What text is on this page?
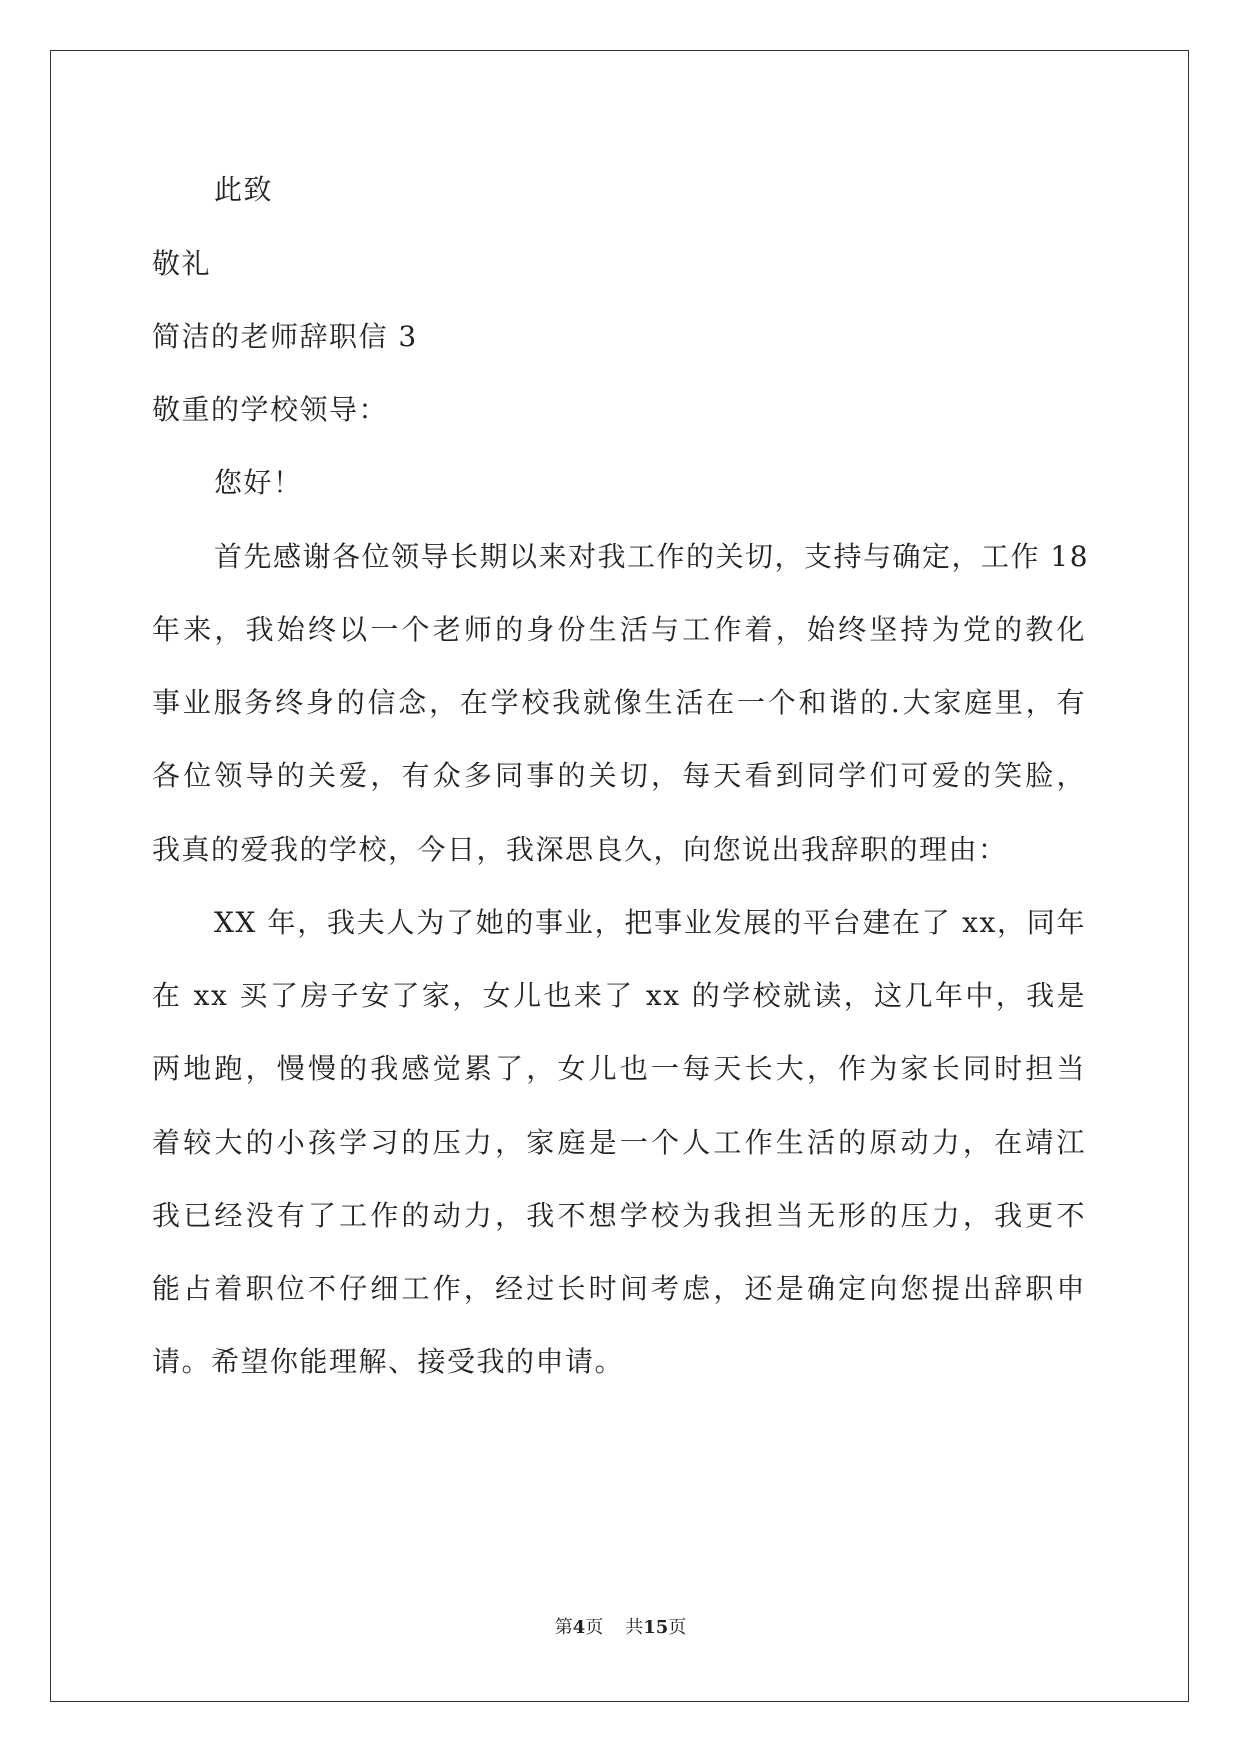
此致
敬礼
简洁的老师辞职信 3
敬重的学校领导：
您好！
首先感谢各位领导长期以来对我工作的关切，支持与确定，工作 18
年来，我始终以一个老师的身份生活与工作着，始终坚持为党的教化
事业服务终身的信念，在学校我就像生活在一个和谐的.大家庭里，有
各位领导的关爱，有众多同事的关切，每天看到同学们可爱的笑脸，
我真的爱我的学校，今日，我深思良久，向您说出我辞职的理由：
XX 年，我夫人为了她的事业，把事业发展的平台建在了 xx，同年
在 xx 买了房子安了家，女儿也来了 xx 的学校就读，这几年中，我是
两地跑，慢慢的我感觉累了，女儿也一每天长大，作为家长同时担当
着较大的小孩学习的压力，家庭是一个人工作生活的原动力，在靖江
我已经没有了工作的动力，我不想学校为我担当无形的压力，我更不
能占着职位不仔细工作，经过长时间考虑，还是确定向您提出辞职申
请。希望你能理解、接受我的申请。
第4页 共15页
